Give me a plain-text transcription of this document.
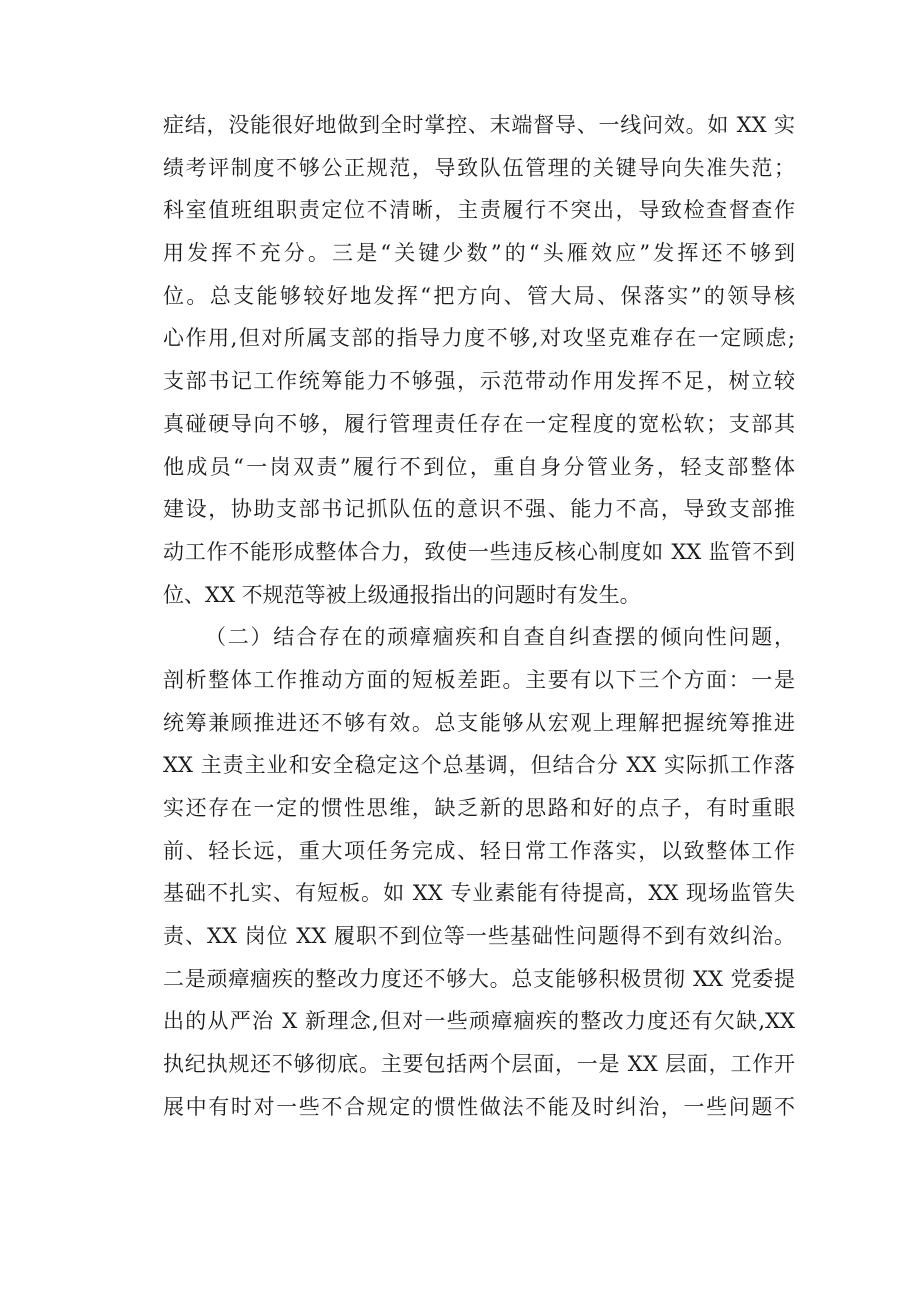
症结，没能很好地做到全时掌控、末端督导、一线问效。如 XX 实
绩考评制度不够公正规范，导致队伍管理的关键导向失准失范；
科室值班组职责定位不清晰，主责履行不突出，导致检查督查作
用发挥不充分。三是“关键少数”的“头雁效应”发挥还不够到
位。总支能够较好地发挥“把方向、管大局、保落实”的领导核
心作用,但对所属支部的指导力度不够,对攻坚克难存在一定顾虑;
支部书记工作统筹能力不够强，示范带动作用发挥不足，树立较
真碰硬导向不够，履行管理责任存在一定程度的宽松软；支部其
他成员“一岗双责”履行不到位，重自身分管业务，轻支部整体
建设，协助支部书记抓队伍的意识不强、能力不高，导致支部推
动工作不能形成整体合力，致使一些违反核心制度如 XX 监管不到
位、XX 不规范等被上级通报指出的问题时有发生。
（二）结合存在的顽瘴痼疾和自查自纠查摆的倾向性问题，
剖析整体工作推动方面的短板差距。主要有以下三个方面：一是
统筹兼顾推进还不够有效。总支能够从宏观上理解把握统筹推进
XX 主责主业和安全稳定这个总基调，但结合分 XX 实际抓工作落
实还存在一定的惯性思维，缺乏新的思路和好的点子，有时重眼
前、轻长远，重大项任务完成、轻日常工作落实，以致整体工作
基础不扎实、有短板。如 XX 专业素能有待提高，XX 现场监管失
责、XX 岗位 XX 履职不到位等一些基础性问题得不到有效纠治。
二是顽瘴痼疾的整改力度还不够大。总支能够积极贯彻 XX 党委提
出的从严治 X 新理念,但对一些顽瘴痼疾的整改力度还有欠缺,XX
执纪执规还不够彻底。主要包括两个层面，一是 XX 层面，工作开
展中有时对一些不合规定的惯性做法不能及时纠治，一些问题不
